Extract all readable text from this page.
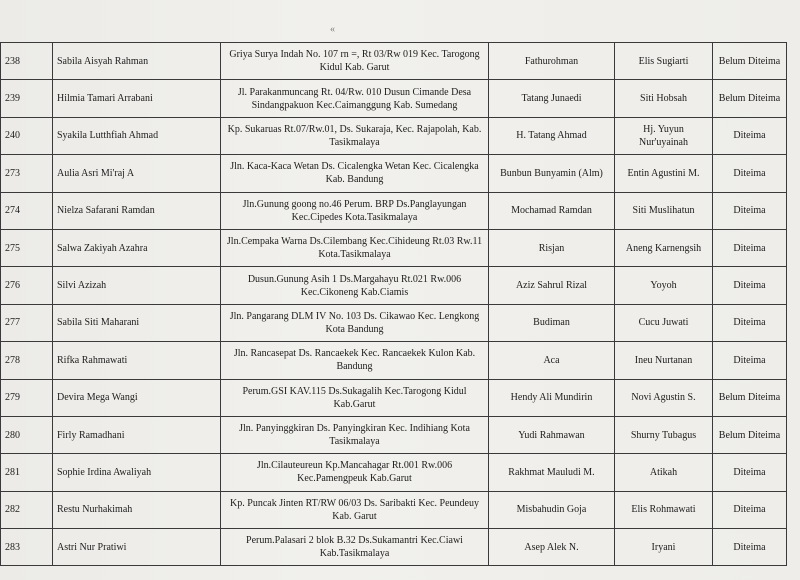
«
238	Sabila Aisyah Rahman	Griya Surya Indah No. 107 rn =, Rt 03/Rw 019 Kec. Tarogong Kidul Kab. Garut	Fathurohman	Elis Sugiarti	Belum Diteima
239	Hilmia Tamari Arrabani	Jl. Parakanmuncang Rt. 04/Rw. 010 Dusun Cimande Desa Sindangpakuon Kec.Caimanggung Kab. Sumedang	Tatang Junaedi	Siti Hobsah	Belum Diteima
240	Syakila Lutthfiah Ahmad	Kp. Sukaruas Rt.07/Rw.01, Ds. Sukaraja, Kec. Rajapolah, Kab. Tasikmalaya	H. Tatang Ahmad	Hj. Yuyun Nur'uyainah	Diteima
273	Aulia Asri Mi'raj A	Jln. Kaca-Kaca Wetan Ds. Cicalengka Wetan Kec. Cicalengka Kab. Bandung	Bunbun Bunyamin (Alm)	Entin Agustini M.	Diteima
274	Nielza Safarani Ramdan	Jln.Gunung goong no.46 Perum. BRP Ds.Panglayungan Kec.Cipedes Kota.Tasikmalaya	Mochamad Ramdan	Siti Muslihatun	Diteima
275	Salwa Zakiyah Azahra	Jln.Cempaka Warna Ds.Cilembang Kec.Cihideung Rt.03 Rw.11 Kota.Tasikmalaya	Risjan	Aneng Karnengsih	Diteima
276	Silvi Azizah	Dusun.Gunung Asih 1 Ds.Margahayu Rt.021 Rw.006 Kec.Cikoneng Kab.Ciamis	Aziz Sahrul Rizal	Yoyoh	Diteima
277	Sabila Siti Maharani	Jln. Pangarang DLM IV No. 103 Ds. Cikawao Kec. Lengkong Kota Bandung	Budiman	Cucu Juwati	Diteima
278	Rifka Rahmawati	Jln. Rancasepat Ds. Rancaekek Kec. Rancaekek Kulon Kab. Bandung	Aca	Ineu Nurtanan	Diteima
279	Devira Mega Wangi	Perum.GSI KAV.115 Ds.Sukagalih Kec.Tarogong Kidul Kab.Garut	Hendy Ali Mundirin	Novi Agustin S.	Belum Diteima
280	Firly Ramadhani	Jln. Panyinggkiran Ds. Panyingkiran Kec. Indihiang Kota Tasikmalaya	Yudi Rahmawan	Shurny Tubagus	Belum Diteima
281	Sophie Irdina Awaliyah	Jln.Cilauteureun Kp.Mancahagar Rt.001 Rw.006 Kec.Pamengpeuk Kab.Garut	Rakhmat Mauludi M.	Atikah	Diteima
282	Restu Nurhakimah	Kp. Puncak Jinten RT/RW 06/03 Ds. Saribakti Kec. Peundeuy Kab. Garut	Misbahudin Goja	Elis Rohmawati	Diteima
283	Astri Nur Pratiwi	Perum.Palasari 2 blok B.32 Ds.Sukamantri Kec.Ciawi Kab.Tasikmalaya	Asep Alek N.	Iryani	Diteima
